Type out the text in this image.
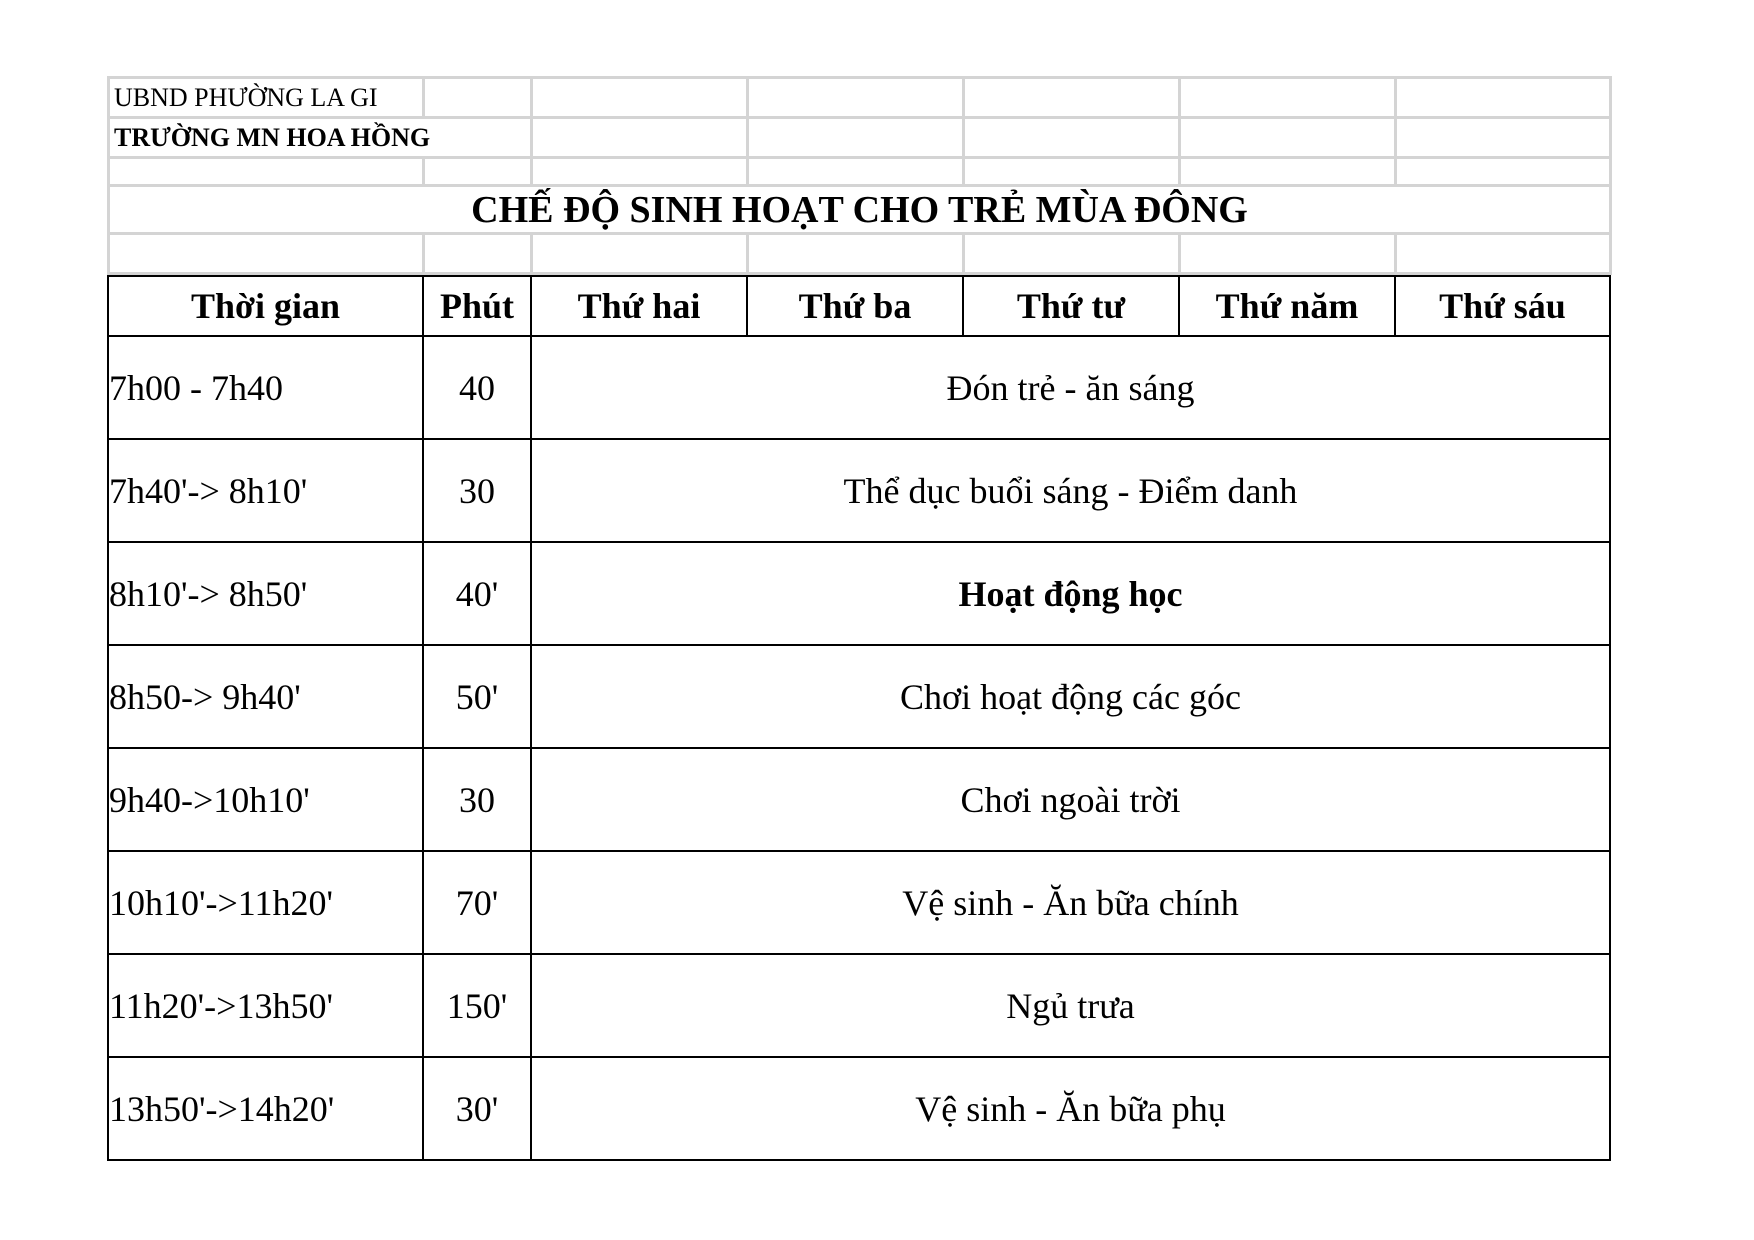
UBND PHƯỜNG LA GI						
TRƯỜNG MN HOA HỒNG						

CHẾ ĐỘ SINH HOẠT CHO TRẺ MÙA ĐÔNG						

Thời gian	Phút	Thứ hai	Thứ ba	Thứ tư	Thứ năm	Thứ sáu
7h00 - 7h40	40	Đón trẻ - ăn sáng				
7h40'-> 8h10'	30	Thể dục buổi sáng - Điểm danh				
8h10'-> 8h50'	40'	Hoạt động học				
8h50-> 9h40'	50'	Chơi hoạt động các góc				
9h40->10h10'	30	Chơi ngoài trời				
10h10'->11h20'	70'	Vệ sinh - Ăn bữa chính				
11h20'->13h50'	150'	Ngủ trưa				
13h50'->14h20'	30'	Vệ sinh - Ăn bữa phụ				
